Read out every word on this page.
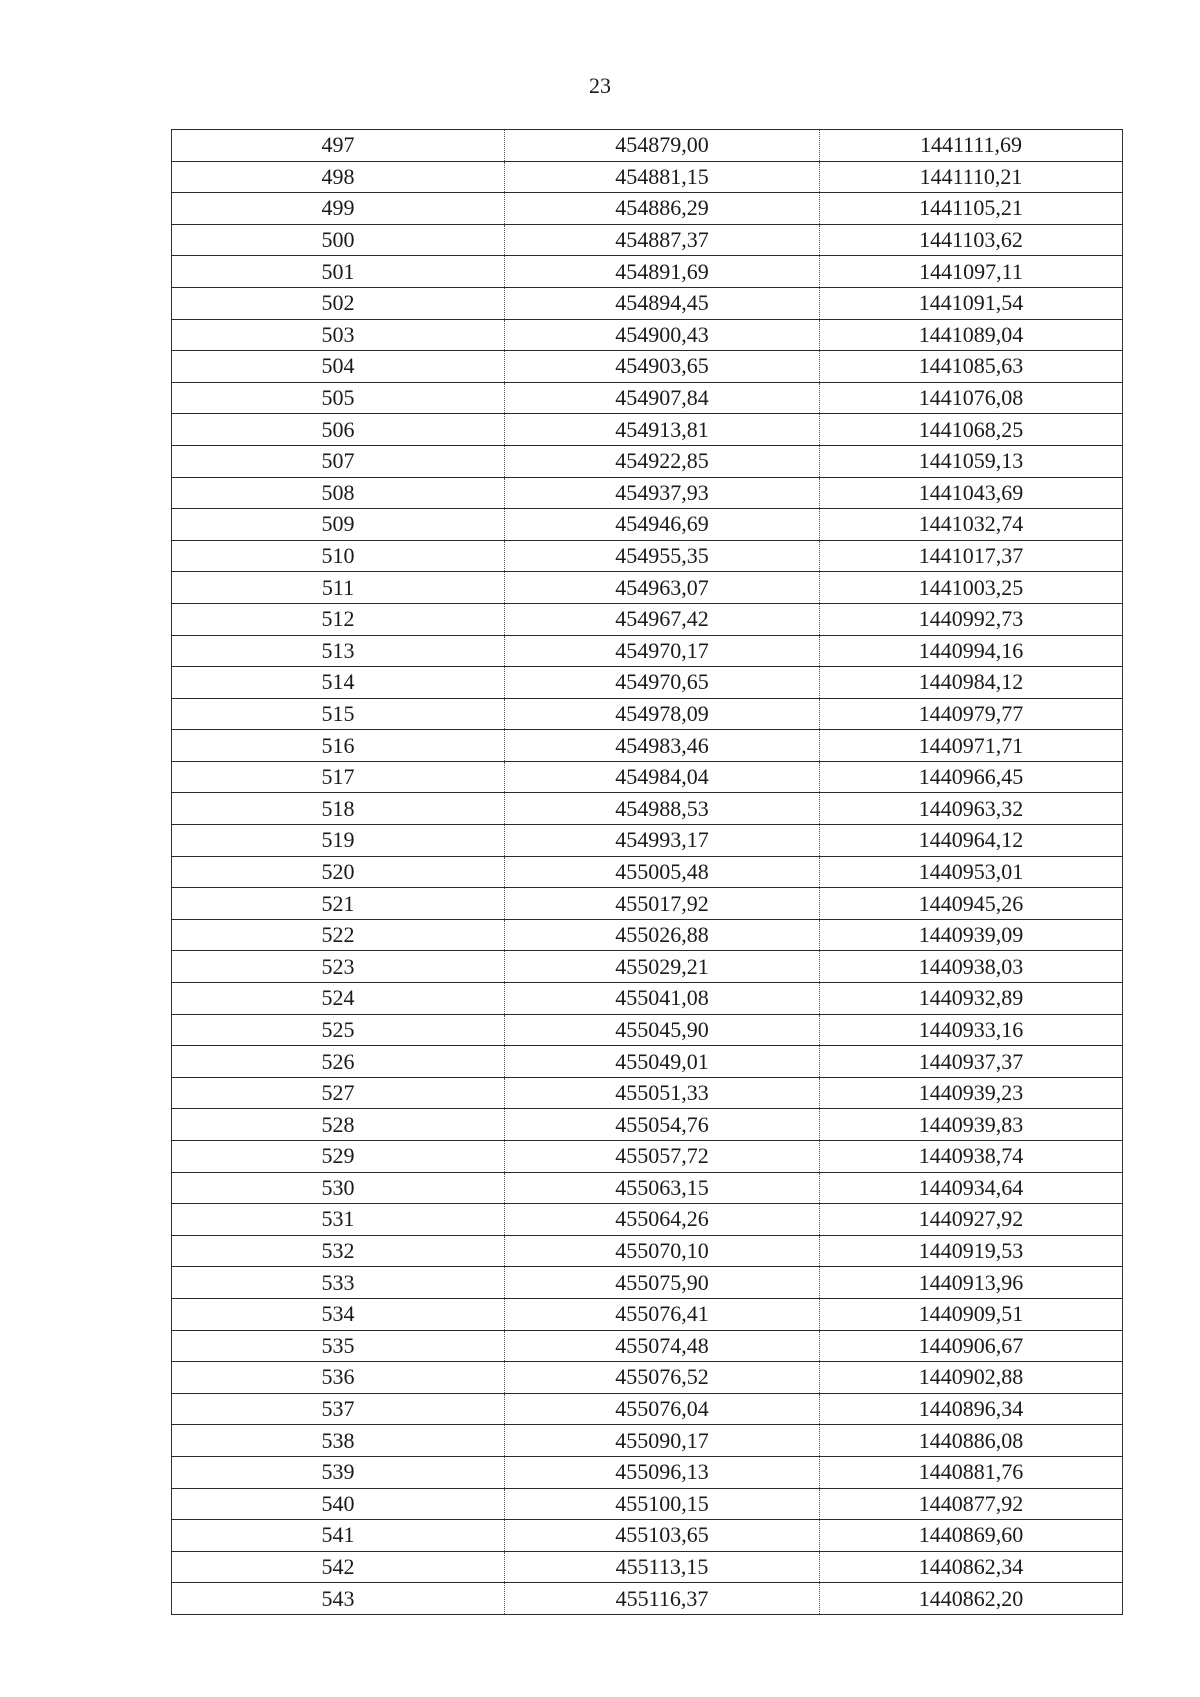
23
497	454879,00	1441111,69
498	454881,15	1441110,21
499	454886,29	1441105,21
500	454887,37	1441103,62
501	454891,69	1441097,11
502	454894,45	1441091,54
503	454900,43	1441089,04
504	454903,65	1441085,63
505	454907,84	1441076,08
506	454913,81	1441068,25
507	454922,85	1441059,13
508	454937,93	1441043,69
509	454946,69	1441032,74
510	454955,35	1441017,37
511	454963,07	1441003,25
512	454967,42	1440992,73
513	454970,17	1440994,16
514	454970,65	1440984,12
515	454978,09	1440979,77
516	454983,46	1440971,71
517	454984,04	1440966,45
518	454988,53	1440963,32
519	454993,17	1440964,12
520	455005,48	1440953,01
521	455017,92	1440945,26
522	455026,88	1440939,09
523	455029,21	1440938,03
524	455041,08	1440932,89
525	455045,90	1440933,16
526	455049,01	1440937,37
527	455051,33	1440939,23
528	455054,76	1440939,83
529	455057,72	1440938,74
530	455063,15	1440934,64
531	455064,26	1440927,92
532	455070,10	1440919,53
533	455075,90	1440913,96
534	455076,41	1440909,51
535	455074,48	1440906,67
536	455076,52	1440902,88
537	455076,04	1440896,34
538	455090,17	1440886,08
539	455096,13	1440881,76
540	455100,15	1440877,92
541	455103,65	1440869,60
542	455113,15	1440862,34
543	455116,37	1440862,20
